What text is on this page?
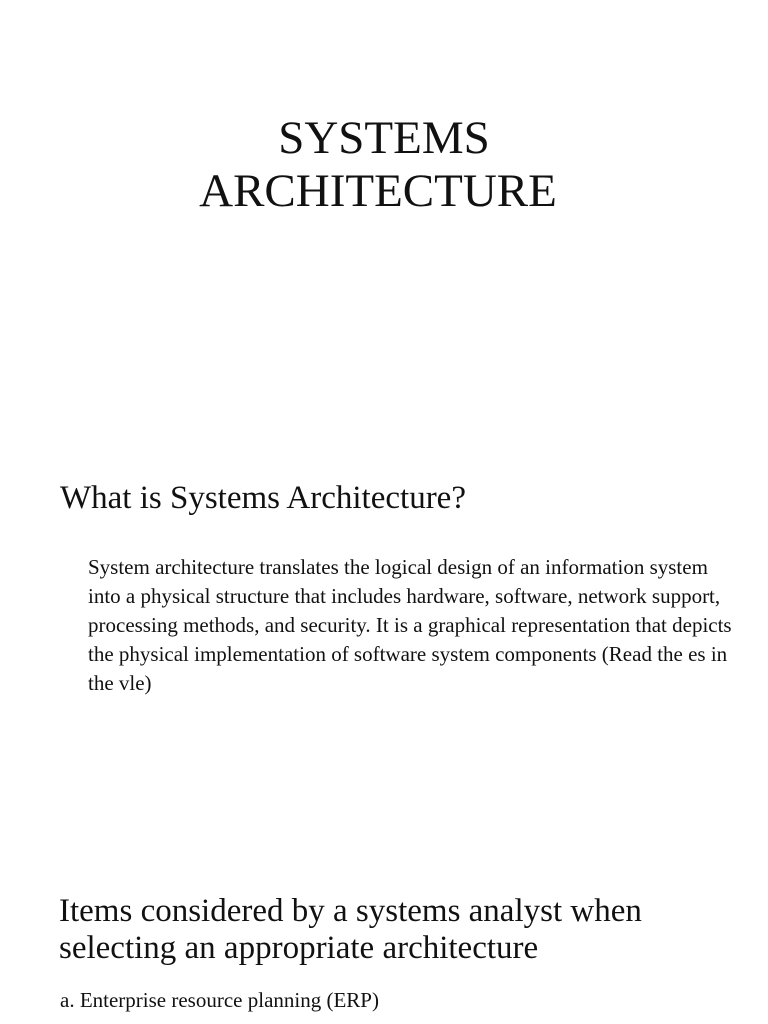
SYSTEMS
ARCHITECTURE
What is Systems Architecture?
System architecture translates the logical design of an information system into a physical structure that includes hardware, software, network support, processing methods, and security. It is a graphical representation that depicts the physical implementation of software system components (Read the es in the vle)
Items considered by a systems analyst when selecting an appropriate architecture
a. Enterprise resource planning (ERP)
